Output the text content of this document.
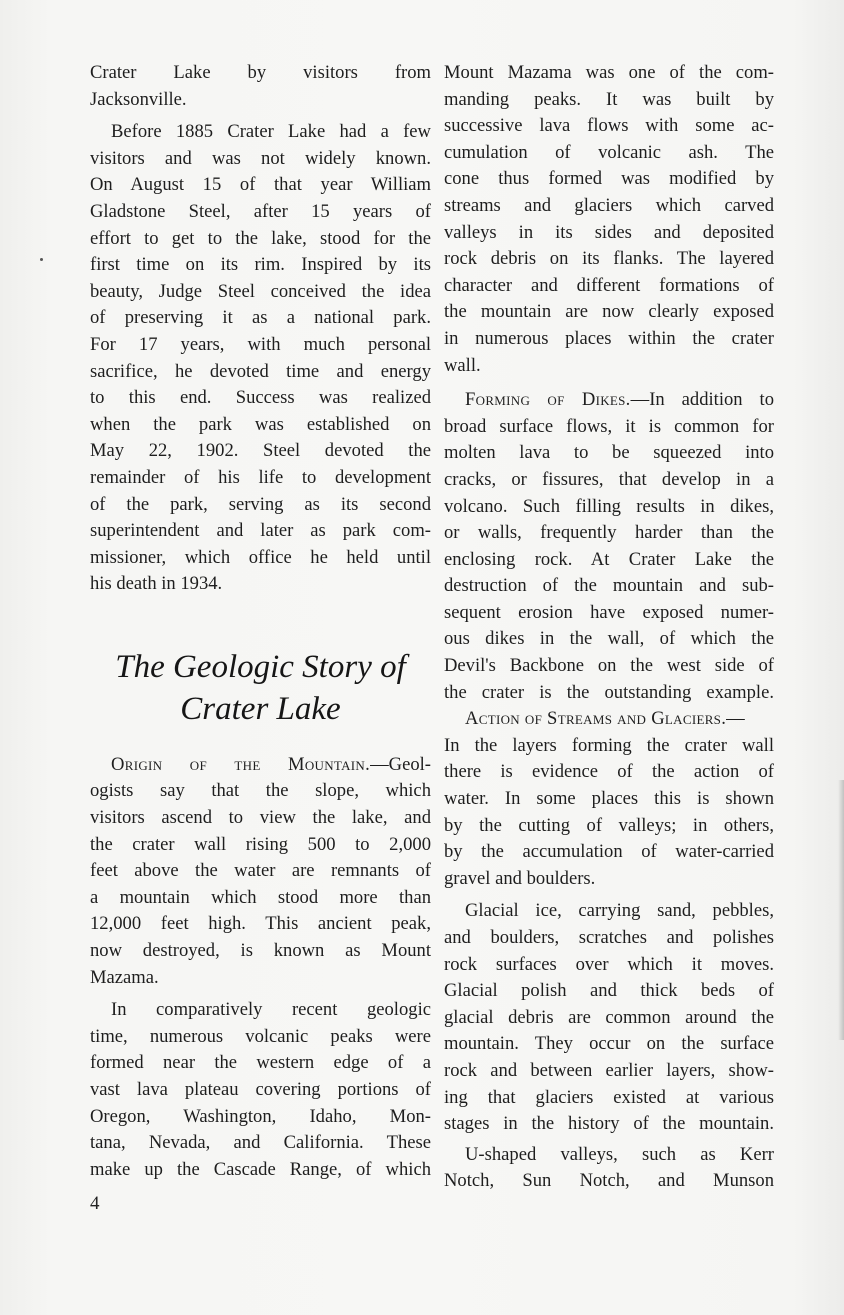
Crater Lake by visitors from
Jacksonville.
Before 1885 Crater Lake had a few
visitors and was not widely known.
On August 15 of that year William
Gladstone Steel, after 15 years of
effort to get to the lake, stood for the
first time on its rim. Inspired by its
beauty, Judge Steel conceived the idea
of preserving it as a national park.
For 17 years, with much personal
sacrifice, he devoted time and energy
to this end. Success was realized
when the park was established on
May 22, 1902. Steel devoted the
remainder of his life to development
of the park, serving as its second
superintendent and later as park com-
missioner, which office he held until
his death in 1934.
The Geologic Story of
Crater Lake
Origin of the Mountain.—Geol-
ogists say that the slope, which
visitors ascend to view the lake, and
the crater wall rising 500 to 2,000
feet above the water are remnants of
a mountain which stood more than
12,000 feet high. This ancient peak,
now destroyed, is known as Mount
Mazama.
In comparatively recent geologic
time, numerous volcanic peaks were
formed near the western edge of a
vast lava plateau covering portions of
Oregon, Washington, Idaho, Mon-
tana, Nevada, and California. These
make up the Cascade Range, of which
Mount Mazama was one of the com-
manding peaks. It was built by
successive lava flows with some ac-
cumulation of volcanic ash. The
cone thus formed was modified by
streams and glaciers which carved
valleys in its sides and deposited
rock debris on its flanks. The layered
character and different formations of
the mountain are now clearly exposed
in numerous places within the crater
wall.
Forming of Dikes.—In addition to
broad surface flows, it is common for
molten lava to be squeezed into
cracks, or fissures, that develop in a
volcano. Such filling results in dikes,
or walls, frequently harder than the
enclosing rock. At Crater Lake the
destruction of the mountain and sub-
sequent erosion have exposed numer-
ous dikes in the wall, of which the
Devil's Backbone on the west side of
the crater is the outstanding example.
Action of Streams and Glaciers.—
In the layers forming the crater wall
there is evidence of the action of
water. In some places this is shown
by the cutting of valleys; in others,
by the accumulation of water-carried
gravel and boulders.
Glacial ice, carrying sand, pebbles,
and boulders, scratches and polishes
rock surfaces over which it moves.
Glacial polish and thick beds of
glacial debris are common around the
mountain. They occur on the surface
rock and between earlier layers, show-
ing that glaciers existed at various
stages in the history of the mountain.
U-shaped valleys, such as Kerr
Notch, Sun Notch, and Munson
4
